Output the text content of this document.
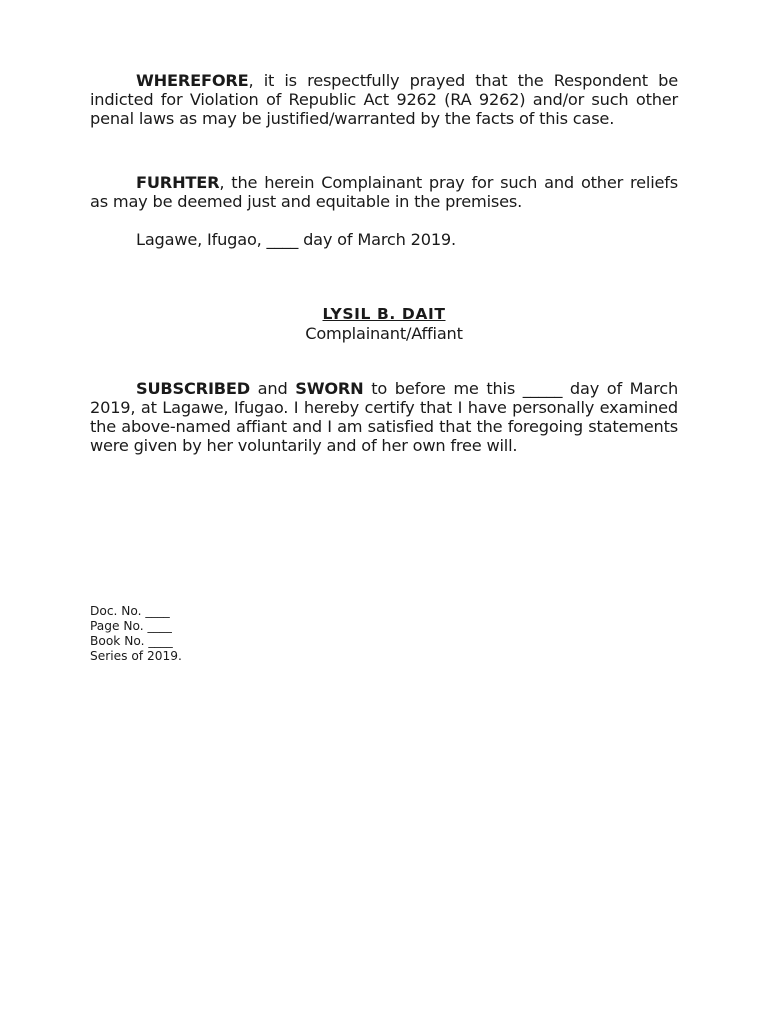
WHEREFORE, it is respectfully prayed that the Respondent be indicted for Violation of Republic Act 9262 (RA 9262) and/or such other penal laws as may be justified/warranted by the facts of this case.

FURHTER, the herein Complainant pray for such and other reliefs as may be deemed just and equitable in the premises.

Lagawe, Ifugao, ____ day of March 2019.

LYSIL B. DAIT
Complainant/Affiant

SUBSCRIBED and SWORN to before me this _____ day of March 2019, at Lagawe, Ifugao. I hereby certify that I have personally examined the above-named affiant and I am satisfied that the foregoing statements were given by her voluntarily and of her own free will.

Doc. No. ____
Page No. ____
Book No. ____
Series of 2019.
